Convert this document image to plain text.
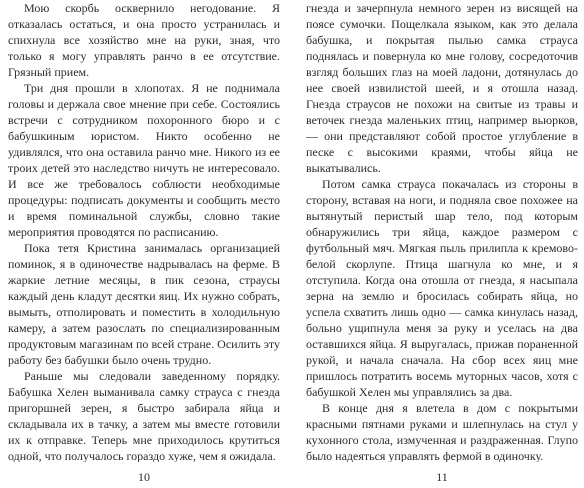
Мою скорбь осквернило негодование. Я отказалась остаться, и она просто устранилась и спихнула все хозяйство мне на руки, зная, что только я могу управлять ранчо в ее отсутствие. Грязный прием.

Три дня прошли в хлопотах. Я не поднимала головы и держала свое мнение при себе. Состоялись встречи с сотрудником похоронного бюро и с бабушкиным юристом. Никто особенно не удивлялся, что она оставила ранчо мне. Никого из ее троих детей это наследство ничуть не интересовало. И все же требовалось соблюсти необходимые процедуры: подписать документы и сообщить место и время поминальной службы, словно такие мероприятия проводятся по расписанию.

Пока тетя Кристина занималась организацией поминок, я в одиночестве надрывалась на ферме. В жаркие летние месяцы, в пик сезона, страусы каждый день кладут десятки яиц. Их нужно собрать, вымыть, отполировать и поместить в холодильную камеру, а затем разослать по специализированным продуктовым магазинам по всей стране. Осилить эту работу без бабушки было очень трудно.

Раньше мы следовали заведенному порядку. Бабушка Хелен выманивала самку страуса с гнезда пригоршней зерен, я быстро забирала яйца и складывала их в тачку, а затем мы вместе готовили их к отправке. Теперь мне приходилось крутиться одной, что получалось гораздо хуже, чем я ожидала.

10

гнезда и зачерпнула немного зерен из висящей на поясе сумочки. Пощелкала языком, как это делала бабушка, и покрытая пылью самка страуса поднялась и повернула ко мне голову, сосредоточив взгляд больших глаз на моей ладони, дотянулась до нее своей извилистой шеей, и я отошла назад. Гнезда страусов не похожи на свитые из травы и веточек гнезда маленьких птиц, например вьюрков, — они представляют собой простое углубление в песке с высокими краями, чтобы яйца не выкатывались.

Потом самка страуса покачалась из стороны в сторону, вставая на ноги, и подняла свое похожее на вытянутый перистый шар тело, под которым обнаружились три яйца, каждое размером с футбольный мяч. Мягкая пыль прилипла к кремово-белой скорлупе. Птица шагнула ко мне, и я отступила. Когда она отошла от гнезда, я насыпала зерна на землю и бросилась собирать яйца, но успела схватить лишь одно — самка кинулась назад, больно ущипнула меня за руку и уселась на два оставшихся яйца. Я выругалась, прижав пораненной рукой, и начала сначала. На сбор всех яиц мне пришлось потратить восемь муторных часов, хотя с бабушкой Хелен мы управлялись за два.

В конце дня я влетела в дом с покрытыми красными пятнами руками и шлепнулась на стул у кухонного стола, измученная и раздраженная. Глупо было надеяться управлять фермой в одиночку.

11
